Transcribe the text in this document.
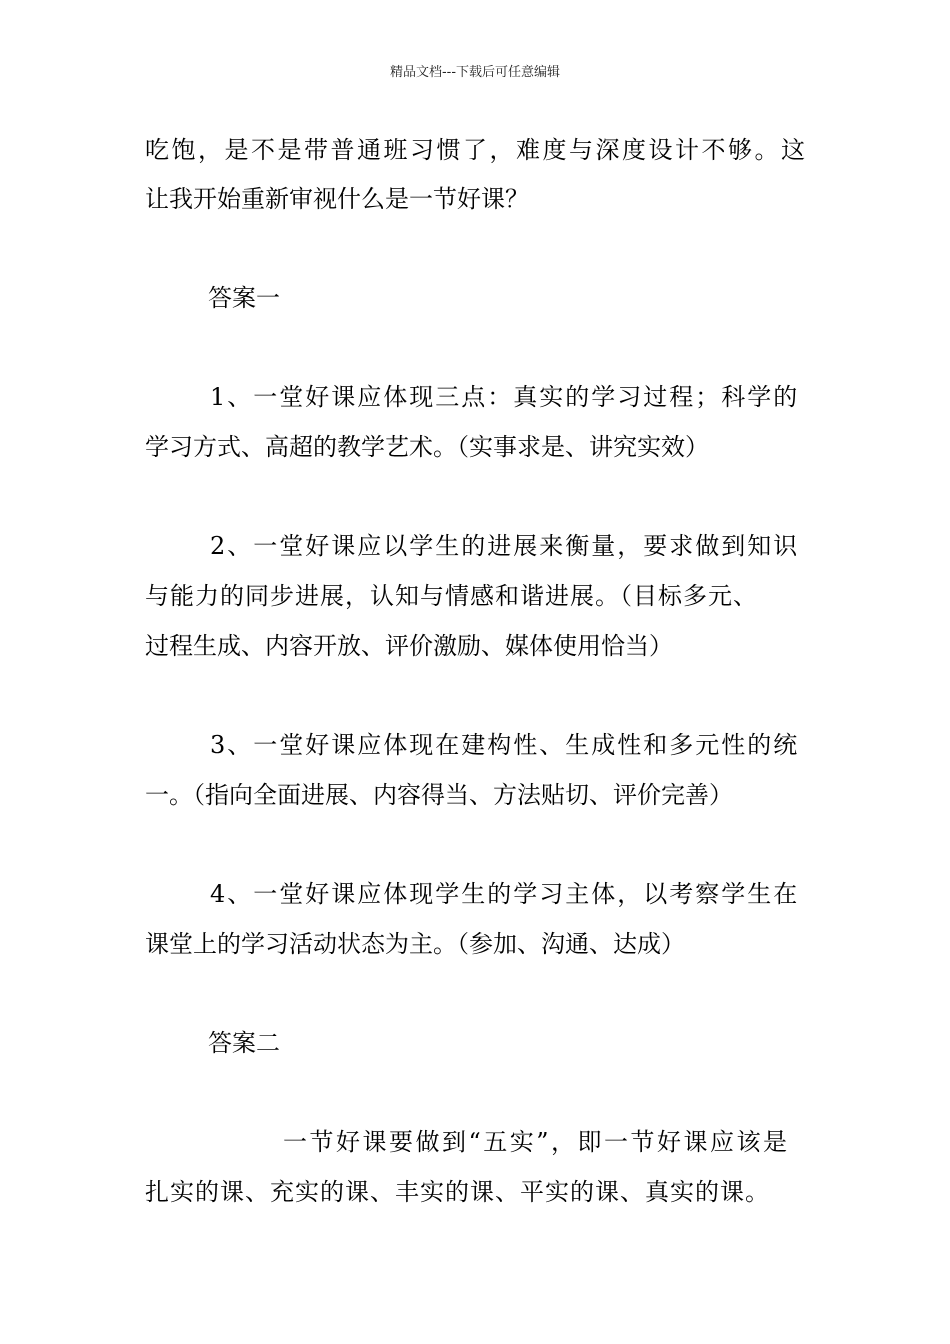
精品文档---下载后可任意编辑
吃饱，是不是带普通班习惯了，难度与深度设计不够。这
让我开始重新审视什么是一节好课？
答案一
1、一堂好课应体现三点：真实的学习过程；科学的
学习方式、高超的教学艺术。（实事求是、讲究实效）
2、一堂好课应以学生的进展来衡量，要求做到知识
与能力的同步进展，认知与情感和谐进展。（目标多元、
过程生成、内容开放、评价激励、媒体使用恰当）
3、一堂好课应体现在建构性、生成性和多元性的统
一。（指向全面进展、内容得当、方法贴切、评价完善）
4、一堂好课应体现学生的学习主体，以考察学生在
课堂上的学习活动状态为主。（参加、沟通、达成）
答案二
一节好课要做到“五实”，即一节好课应该是
扎实的课、充实的课、丰实的课、平实的课、真实的课。
